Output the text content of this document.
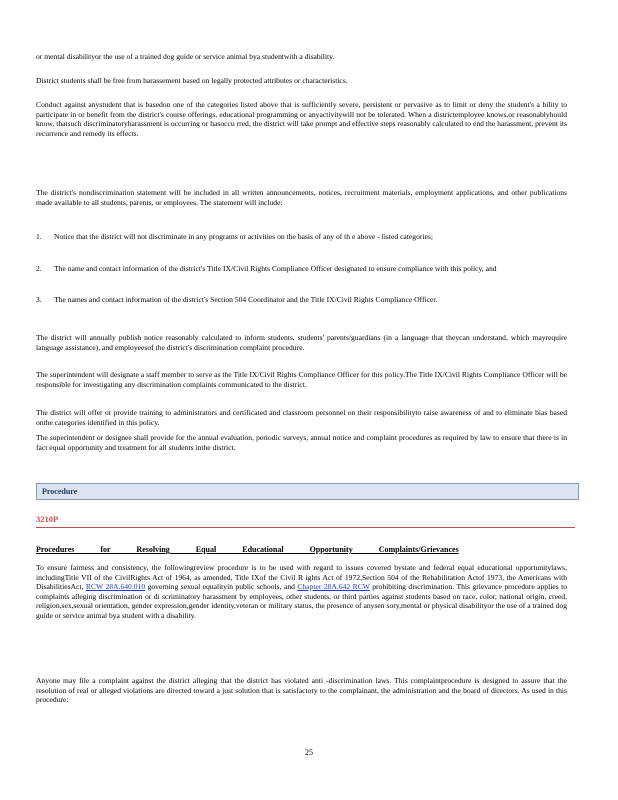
or mental disabilityor the use of a trained dog guide or service animal bya studentwith a disability.

District students shall be free from harassement based on legally protected attributes or characteristics.

Conduct against anystudent that is basedon one of the categories listed above that is sufficiently severe, persistent or pervasive as to limit or deny the student's a bility to participate in or benefit from the district's course offerings, educational programming or anyactivitywill not be tolerated. When a districtemployee knows,or reasonablyhould know, thatsuch discriminatoryharassment is occurring or hasoccu rred, the district will take prompt and effective steps reasonably calculated to end the harassment, prevent its recurrence and remedy its effects.

The district's nondiscrimination statement will be included in all written announcements, notices, recruitment materials, employment applications, and other publications made available to all students, parents, or employees. The statement will include:

1. Notice that the district will not discriminate in any programs or activities on the basis of any of th e above - listed categories;
2. The name and contact information of the district's Title IX/Civil Rights Compliance Officer designated to ensure compliance with this policy, and
3. The names and contact information of the district's Section 504 Coordinator and the Title IX/Civil Rights Compliance Officer.

The district will annually publish notice reasonably calculated to inform students, students' parents/guardians (in a language that theycan understand, which mayrequire language assistance), and employeesof the district's discrimination complaint procedure.

The superintendent will designate a staff member to serve as the Title IX/Civil Rights Compliance Officer for this policy.The Title IX/Civil Rights Compliance Officer will be responsible for investigating any discrimination complaints communicated to the district.

The district will offer or provide training to administrators and certificated and classroom personnel on their responsibilityto raise awareness of and to eliminate bias based onthe categories identified in this policy.

The superintendent or designee shall provide for the annual evaluation, periodic surveys, annual notice and complaint procedures as required by law to ensure that there is in fact equal opportunity and treatment for all students inthe district.

Procedure
3210P
Procedures for Resolving Equal Educational Opportunity Complaints/Grievances

To ensure fairness and consistency, the followingreview procedure is to be used with regard to issues covered bystate and federal equal educational opportunitylaws, includingTitle VII of the CivilRights Act of 1964, as amended, Title IXof the Civil R ights Act of 1972,Section 504 of the Rehabilitation Actof 1973, the Americans with DisabilitiesAct, RCW 28A.640.010 governing sexual equalityin public schools, and Chapter 28A.642 RCW prohibiting discrimination. This grievance procedure applies to complaints alleging discrimination or di scriminatory harassment by employees, other students, or third parties against students based on race, color, national origin, creed, religion,sex,sexual orientation, gender expression,gender identity,veteran or military status, the presence of anysen sory,mental or physical disabilityor the use of a trained dog guide or service animal bya student with a disability.

Anyone may file a complaint against the district alleging that the district has violated anti -discrimination laws. This complaintprocedure is designed to assure that the resolution of real or alleged violations are directed toward a just solution that is satisfactory to the complainant, the administration and the board of directors. As used in this procedure:

25
